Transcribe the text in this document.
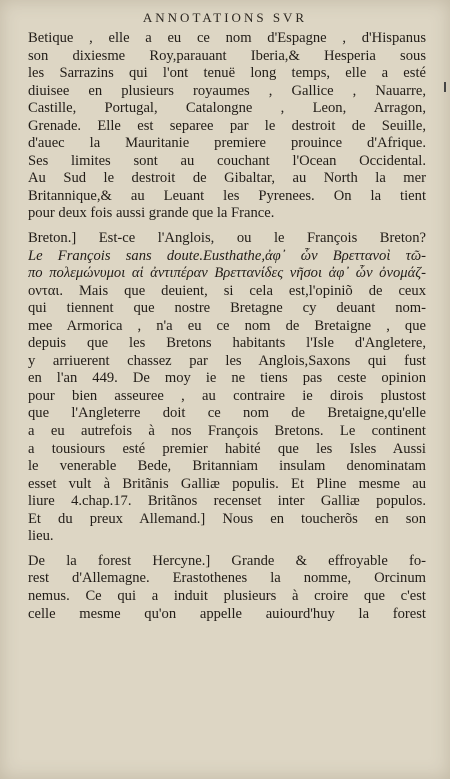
ANNOTATIONS SVR
Betique , elle a eu ce nom d'Espagne , d'Hispanus
son dixiesme Roy,parauant Iberia,& Hesperia sous
les Sarrazins qui l'ont tenuë long temps, elle a esté
diuisee en plusieurs royaumes , Gallice , Nauarre,
Castille, Portugal, Catalongne , Leon, Arragon,
Grenade. Elle est separee par le destroit de Seuille,
d'auec la Mauritanie premiere prouince d'Afrique.
Ses limites sont au couchant l'Ocean Occidental.
Au Sud le destroit de Gibaltar, au North la mer
Britannique,& au Leuant les Pyrenees. On la tient
pour deux fois aussi grande que la France.
Breton.] Est-ce l'Anglois, ou le François Breton?
Le François sans doute.Eusthathe,ἀφ᾽ ὧν Βρεττανοὶ τῶ-
πο πολεμώνυμοι αἱ ἀντιπέραν Βρεττανίδες νῆσοι ἀφ᾽ ὧν ὀνομάζ-
ονται. Mais que deuient, si cela est,l'opiniõ de ceux
qui tiennent que nostre Bretagne cy deuant nom-
mee Armorica , n'a eu ce nom de Bretaigne , que
depuis que les Bretons habitants l'Isle d'Angletere,
y arriuerent chassez par les Anglois,Saxons qui fust
en l'an 449. De moy ie ne tiens pas ceste opinion
pour bien asseuree , au contraire ie dirois plustost
que l'Angleterre doit ce nom de Bretaigne,qu'elle
a eu autrefois à nos François Bretons. Le continent
a tousiours esté premier habité que les Isles Aussi
le venerable Bede, Britanniam insulam denominatam
esset vult à Britãnis Galliæ populis. Et Pline mesme au
liure 4.chap.17. Britãnos recenset inter Galliæ populos.
Et du preux Allemand.] Nous en toucherõs en son
lieu.
De la forest Hercyne.] Grande & effroyable fo-
rest d'Allemagne. Erastothenes la nomme, Orcinum
nemus. Ce qui a induit plusieurs à croire que c'est
celle mesme qu'on appelle auiourd'huy la forest
